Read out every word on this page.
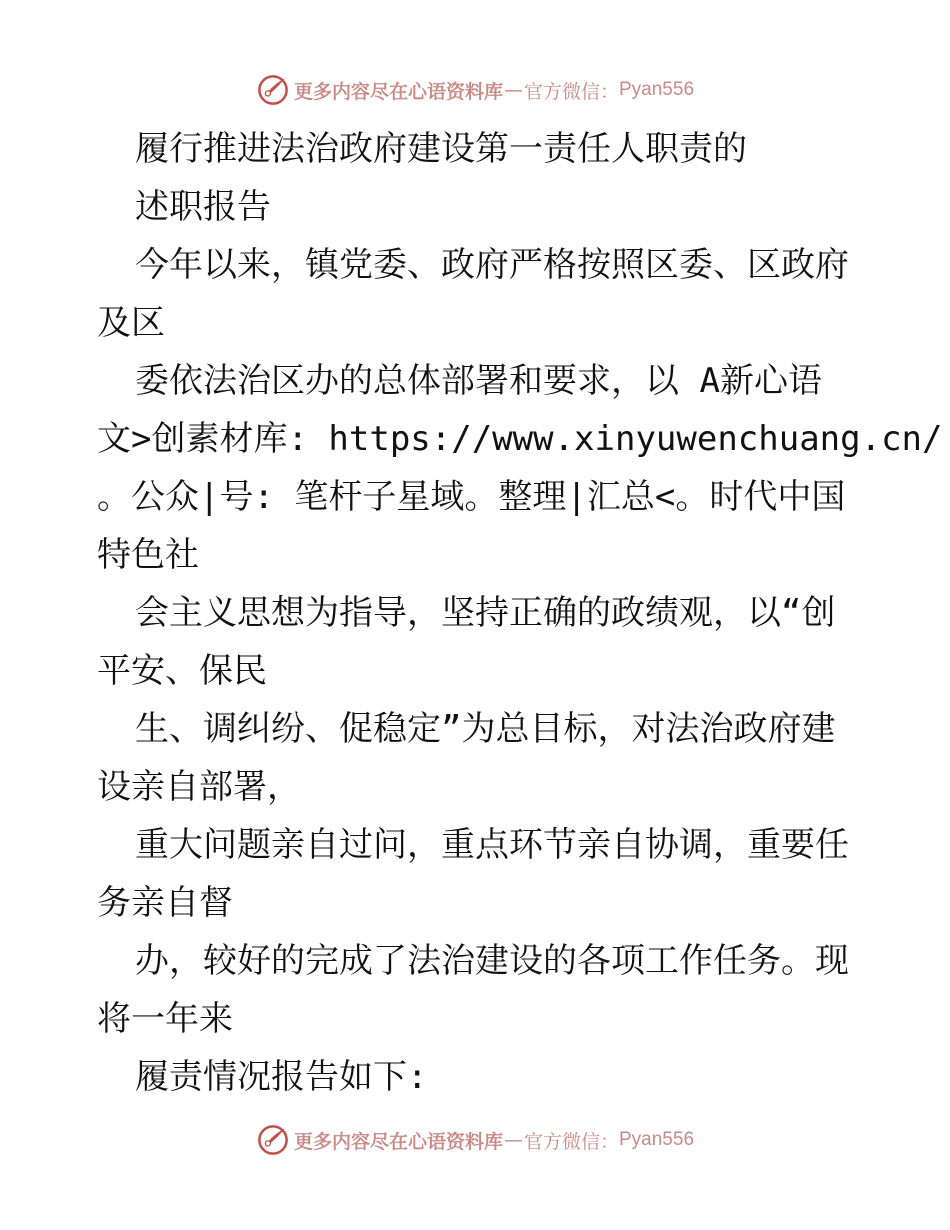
更多内容尽在心语资料库 — 官方微信： Pyan556
履行推进法治政府建设第一责任人职责的
述职报告
今年以来，镇党委、政府严格按照区委、区政府
及区
委依法治区办的总体部署和要求，以 A新心语
文>创素材库: https://www.xinyuwenchuang.cn/
。公众|号: 笔杆子星域。整理|汇总<。时代中国
特色社
会主义思想为指导，坚持正确的政绩观，以“创
平安、保民
生、调纠纷、促稳定”为总目标，对法治政府建
设亲自部署，
重大问题亲自过问，重点环节亲自协调，重要任
务亲自督
办，较好的完成了法治建设的各项工作任务。现
将一年来
履责情况报告如下:
更多内容尽在心语资料库 — 官方微信： Pyan556
